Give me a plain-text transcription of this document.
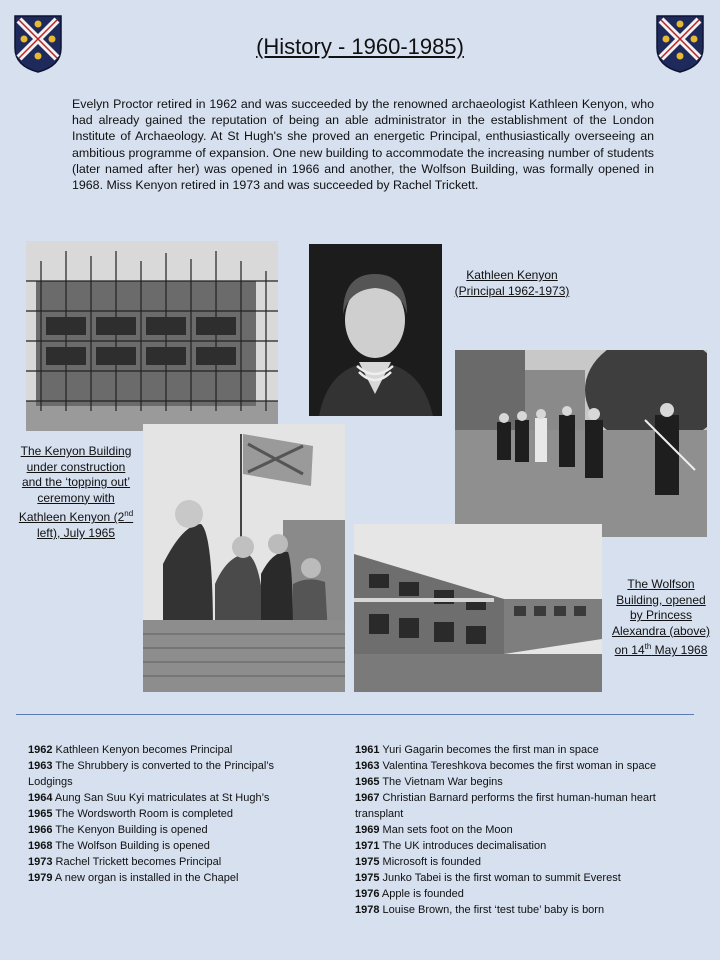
(History - 1960-1985)
Evelyn Proctor retired in 1962 and was succeeded by the renowned archaeologist Kathleen Kenyon, who had already gained the reputation of being an able administrator in the establishment of the London Institute of Archaeology. At St Hugh's she proved an energetic Principal, enthusiastically overseeing an ambitious programme of expansion. One new building to accommodate the increasing number of students (later named after her) was opened in 1966 and another, the Wolfson Building, was formally opened in 1968. Miss Kenyon retired in 1973 and was succeeded by Rachel Trickett.
Kathleen Kenyon
(Principal 1962-1973)
The Kenyon Building under construction and the ‘topping out’ ceremony with Kathleen Kenyon (2nd left), July 1965
The Wolfson Building, opened by Princess Alexandra (above) on 14th May 1968
1962 Kathleen Kenyon becomes Principal
1963 The Shrubbery is converted to the Principal’s Lodgings
1964 Aung San Suu Kyi matriculates at St Hugh’s
1965 The Wordsworth Room is completed
1966 The Kenyon Building is opened
1968 The Wolfson Building is opened
1973 Rachel Trickett becomes Principal
1979 A new organ is installed in the Chapel
1961 Yuri Gagarin becomes the first man in space
1963 Valentina Tereshkova becomes the first woman in space
1965 The Vietnam War begins
1967 Christian Barnard performs the first human-human heart transplant
1969 Man sets foot on the Moon
1971 The UK introduces decimalisation
1975 Microsoft is founded
1975 Junko Tabei is the first woman to summit Everest
1976 Apple is founded
1978 Louise Brown, the first ‘test tube’ baby is born
